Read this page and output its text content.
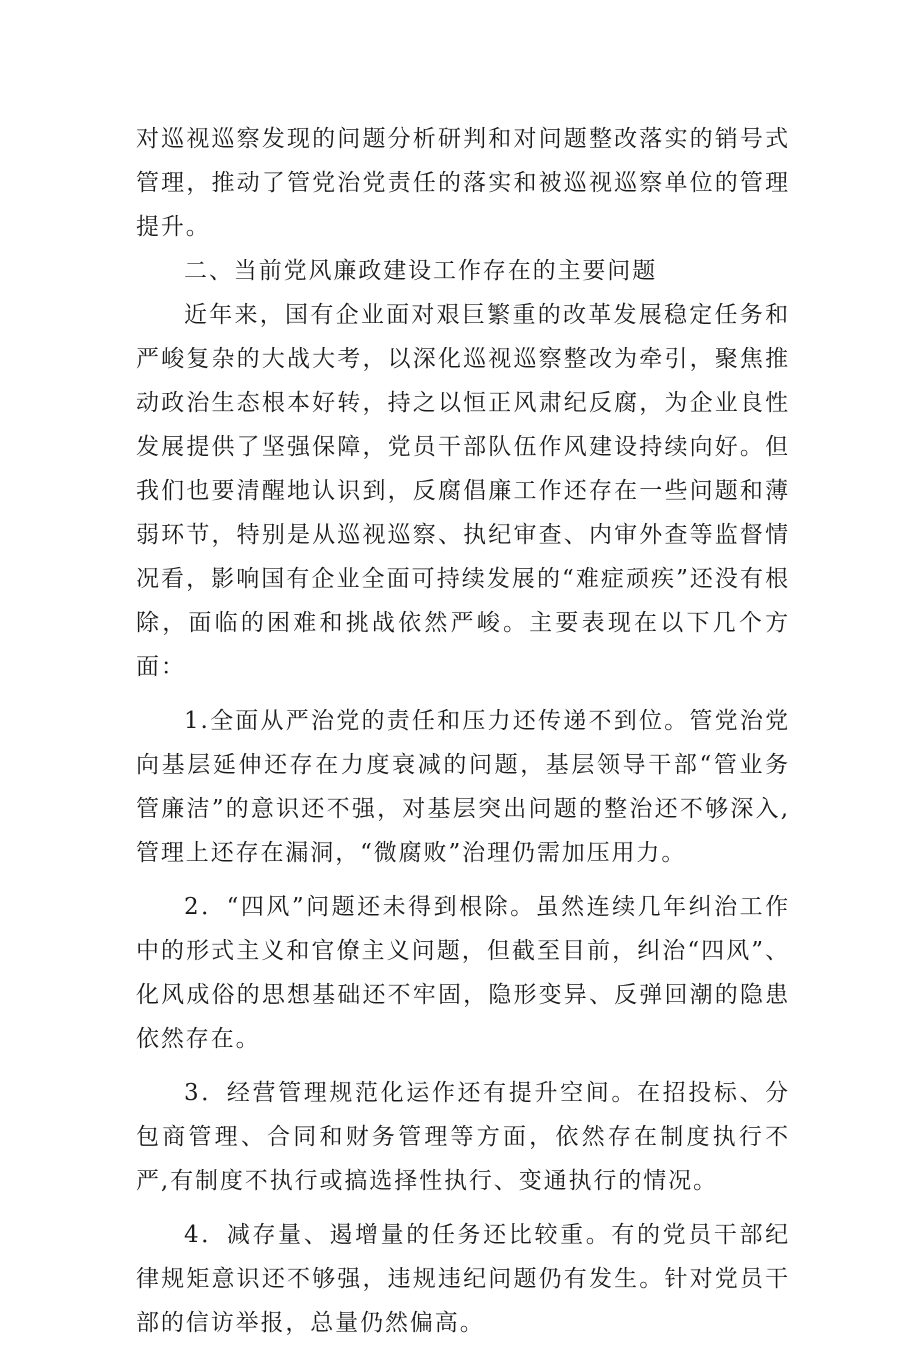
对巡视巡察发现的问题分析研判和对问题整改落实的销号式管理，推动了管党治党责任的落实和被巡视巡察单位的管理提升。

二、当前党风廉政建设工作存在的主要问题

近年来，国有企业面对艰巨繁重的改革发展稳定任务和严峻复杂的大战大考，以深化巡视巡察整改为牵引，聚焦推动政治生态根本好转，持之以恒正风肃纪反腐，为企业良性发展提供了坚强保障，党员干部队伍作风建设持续向好。但我们也要清醒地认识到，反腐倡廉工作还存在一些问题和薄弱环节，特别是从巡视巡察、执纪审查、内审外查等监督情况看，影响国有企业全面可持续发展的“难症顽疾”还没有根除，面临的困难和挑战依然严峻。主要表现在以下几个方面：

1.全面从严治党的责任和压力还传递不到位。管党治党向基层延伸还存在力度衰减的问题，基层领导干部“管业务管廉洁”的意识还不强，对基层突出问题的整治还不够深入,管理上还存在漏洞，“微腐败”治理仍需加压用力。

2．“四风”问题还未得到根除。虽然连续几年纠治工作中的形式主义和官僚主义问题，但截至目前，纠治“四风”、化风成俗的思想基础还不牢固，隐形变异、反弹回潮的隐患依然存在。

3．经营管理规范化运作还有提升空间。在招投标、分包商管理、合同和财务管理等方面，依然存在制度执行不严,有制度不执行或搞选择性执行、变通执行的情况。

4．减存量、遏增量的任务还比较重。有的党员干部纪律规矩意识还不够强，违规违纪问题仍有发生。针对党员干部的信访举报，总量仍然偏高。
